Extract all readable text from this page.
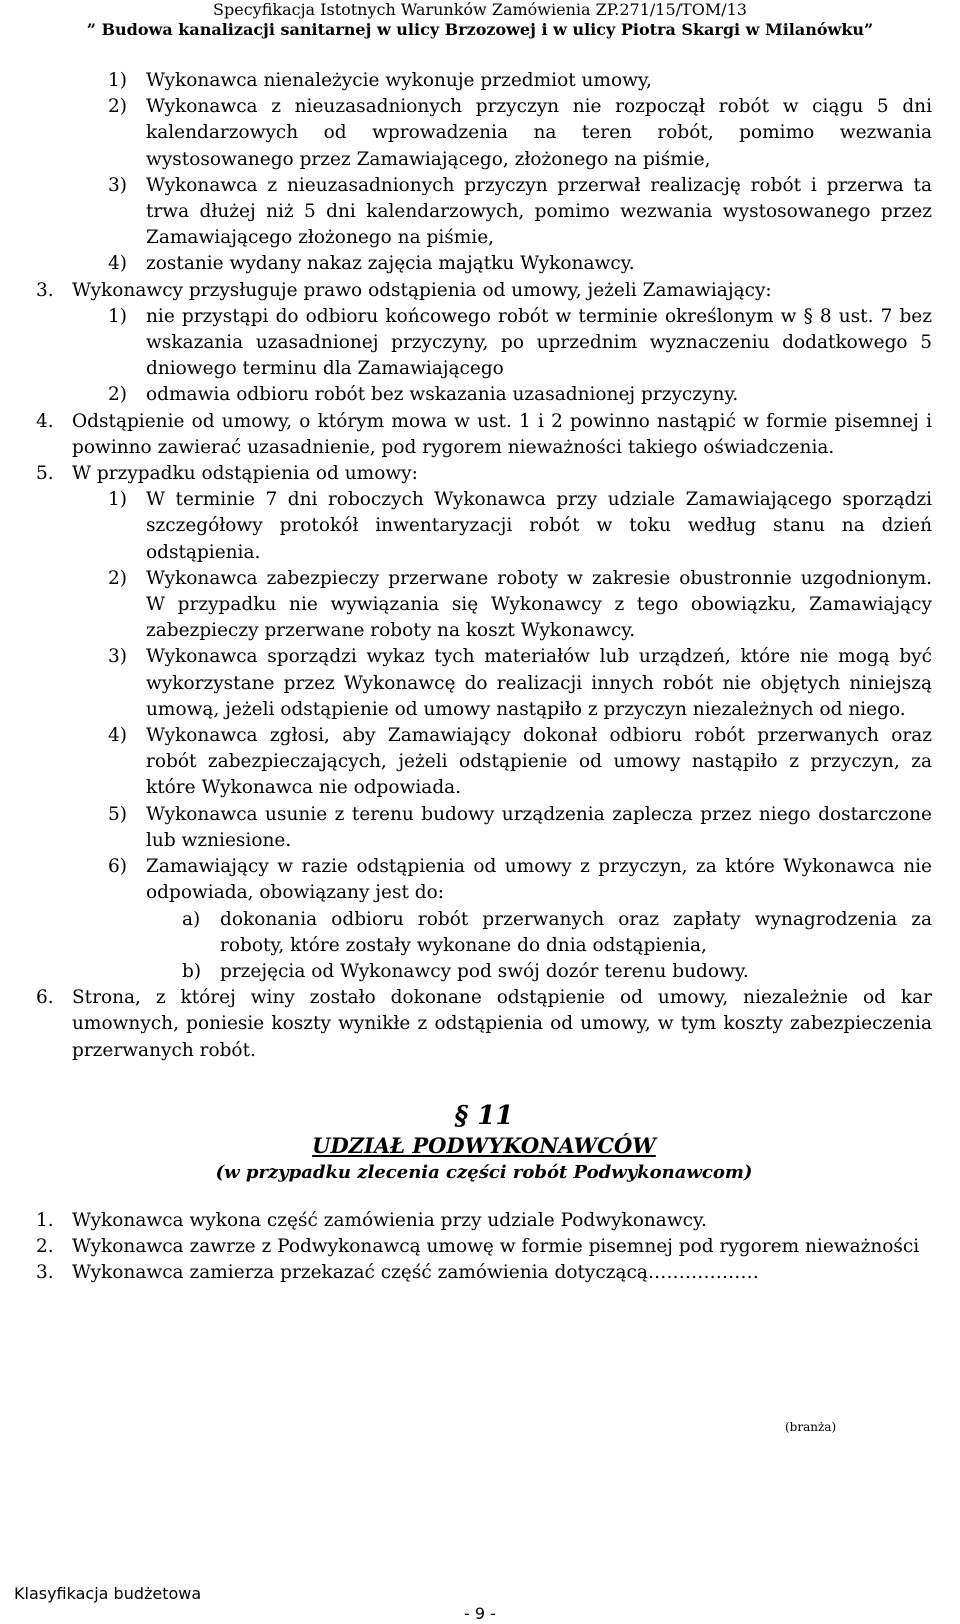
Specyfikacja Istotnych Warunków Zamówienia ZP.271/15/TOM/13
” Budowa kanalizacji sanitarnej w ulicy Brzozowej i w ulicy Piotra Skargi w Milanówku”
1)	Wykonawca nienależycie wykonuje przedmiot umowy,
2)	Wykonawca z nieuzasadnionych przyczyn nie rozpoczął robót w ciągu 5 dni kalendarzowych od wprowadzenia na teren robót, pomimo wezwania wystosowanego przez Zamawiającego, złożonego na piśmie,
3)	Wykonawca z nieuzasadnionych przyczyn przerwał realizację robót i przerwa ta trwa dłużej niż 5 dni kalendarzowych, pomimo wezwania wystosowanego przez Zamawiającego złożonego na piśmie,
4)	zostanie wydany nakaz zajęcia majątku Wykonawcy.
3. Wykonawcy przysługuje prawo odstąpienia od umowy, jeżeli Zamawiający:
1)	nie przystąpi do odbioru końcowego robót w terminie określonym w § 8 ust. 7 bez wskazania uzasadnionej przyczyny, po uprzednim wyznaczeniu dodatkowego 5 dniowego terminu dla Zamawiającego
2)	odmawia odbioru robót bez wskazania uzasadnionej przyczyny.
4. Odstąpienie od umowy, o którym mowa w ust. 1 i 2 powinno nastąpić w formie pisemnej i powinno zawierać uzasadnienie, pod rygorem nieważności takiego oświadczenia.
5. W przypadku odstąpienia od umowy:
1)	W terminie 7 dni roboczych Wykonawca przy udziale Zamawiającego sporządzi szczegółowy protokół inwentaryzacji robót w toku według stanu na dzień odstąpienia.
2)	Wykonawca zabezpieczy przerwane roboty w zakresie obustronnie uzgodnionym. W przypadku nie wywiązania się Wykonawcy z tego obowiązku, Zamawiający zabezpieczy przerwane roboty na koszt Wykonawcy.
3)	Wykonawca sporządzi wykaz tych materiałów lub urządzeń, które nie mogą być wykorzystane przez Wykonawcę do realizacji innych robót nie objętych niniejszą umową, jeżeli odstąpienie od umowy nastąpiło z przyczyn niezależnych od niego.
4)	Wykonawca zgłosi, aby Zamawiający dokonał odbioru robót przerwanych oraz robót zabezpieczających, jeżeli odstąpienie od umowy nastąpiło z przyczyn, za które Wykonawca nie odpowiada.
5)	Wykonawca usunie z terenu budowy urządzenia zaplecza przez niego dostarczone lub wzniesione.
6)	Zamawiający w razie odstąpienia od umowy z przyczyn, za które Wykonawca nie odpowiada, obowiązany jest do:
a)	dokonania odbioru robót przerwanych oraz zapłaty wynagrodzenia za roboty, które zostały wykonane do dnia odstąpienia,
b)	przejęcia od Wykonawcy pod swój dozór terenu budowy.
6. Strona, z której winy zostało dokonane odstąpienie od umowy, niezależnie od kar umownych, poniesie koszty wynikłe z odstąpienia od umowy, w tym koszty zabezpieczenia przerwanych robót.
§ 11
UDZIAŁ PODWYKONAWCÓW
(w przypadku zlecenia części robót Podwykonawcom)
1. Wykonawca wykona część zamówienia przy udziale Podwykonawcy.
2. Wykonawca zawrze z Podwykonawcą umowę w formie pisemnej pod rygorem nieważności
3. Wykonawca zamierza przekazać część zamówienia dotyczącą………………
(branża)
Klasyfikacja budżetowa
- 9 -
